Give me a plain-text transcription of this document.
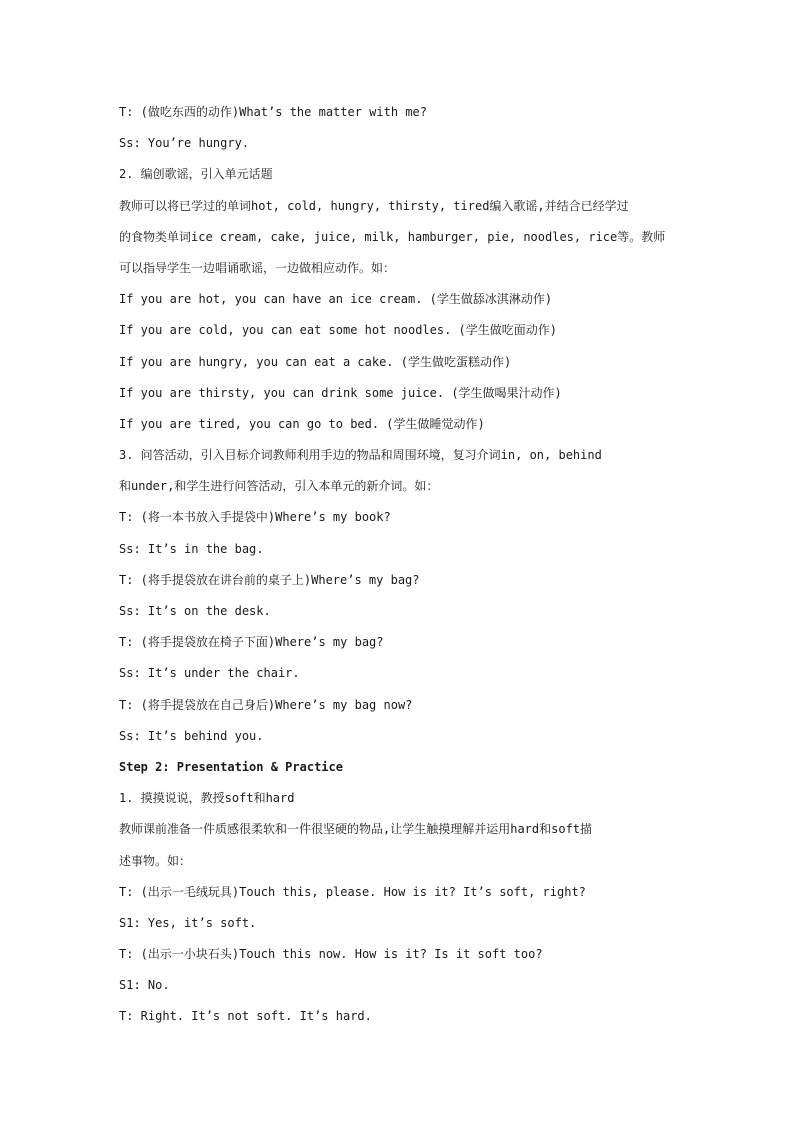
T: (做吃东西的动作)What’s the matter with me?
Ss: You’re hungry.
2. 编创歌谣，引入单元话题
教师可以将已学过的单词hot, cold, hungry, thirsty, tired编入歌谣,并结合已经学过
的食物类单词ice cream, cake, juice, milk, hamburger, pie, noodles, rice等。教师
可以指导学生一边唱诵歌谣，一边做相应动作。如：
If you are hot, you can have an ice cream. (学生做舔冰淇淋动作)
If you are cold, you can eat some hot noodles. (学生做吃面动作)
If you are hungry, you can eat a cake. (学生做吃蛋糕动作)
If you are thirsty, you can drink some juice. (学生做喝果汁动作)
If you are tired, you can go to bed. (学生做睡觉动作)
3. 问答活动，引入目标介词教师利用手边的物品和周围环境，复习介词in, on, behind
和under,和学生进行问答活动，引入本单元的新介词。如：
T: (将一本书放入手提袋中)Where’s my book?
Ss: It’s in the bag.
T: (将手提袋放在讲台前的桌子上)Where’s my bag?
Ss: It’s on the desk.
T: (将手提袋放在椅子下面)Where’s my bag?
Ss: It’s under the chair.
T: (将手提袋放在自己身后)Where’s my bag now?
Ss: It’s behind you.
Step 2: Presentation & Practice
1. 摸摸说说，教授soft和hard
教师课前准备一件质感很柔软和一件很坚硬的物品,让学生触摸理解并运用hard和soft描
述事物。如：
T: (出示一毛绒玩具)Touch this, please. How is it? It’s soft, right?
S1: Yes, it’s soft.
T: (出示一小块石头)Touch this now. How is it? Is it soft too?
S1: No.
T: Right. It’s not soft. It’s hard.
